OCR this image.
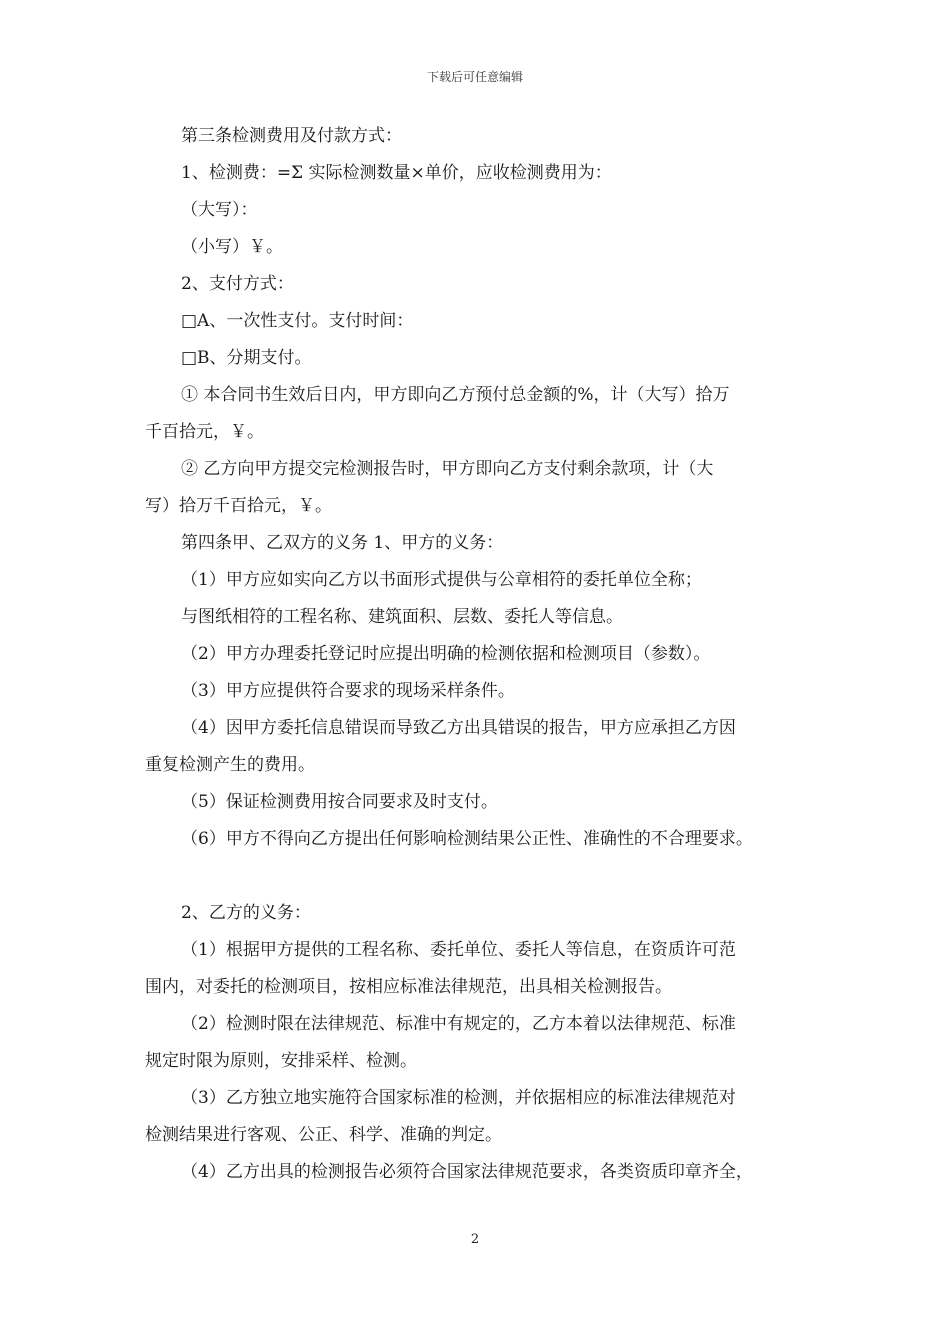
下载后可任意编辑

第三条检测费用及付款方式：

1、检测费：=Σ 实际检测数量×单价，应收检测费用为：

（大写）：

（小写）￥。

2、支付方式：

□A、一次性支付。支付时间：

□B、分期支付。

① 本合同书生效后日内，甲方即向乙方预付总金额的%，计（大写）拾万

千百拾元，￥。

② 乙方向甲方提交完检测报告时，甲方即向乙方支付剩余款项，计（大

写）拾万千百拾元，￥。

第四条甲、乙双方的义务 1、甲方的义务：

（1）甲方应如实向乙方以书面形式提供与公章相符的委托单位全称；

与图纸相符的工程名称、建筑面积、层数、委托人等信息。

（2）甲方办理委托登记时应提出明确的检测依据和检测项目（参数）。

（3）甲方应提供符合要求的现场采样条件。

（4）因甲方委托信息错误而导致乙方出具错误的报告，甲方应承担乙方因

重复检测产生的费用。

（5）保证检测费用按合同要求及时支付。

（6）甲方不得向乙方提出任何影响检测结果公正性、准确性的不合理要求。

2、乙方的义务：

（1）根据甲方提供的工程名称、委托单位、委托人等信息，在资质许可范

围内，对委托的检测项目，按相应标准法律规范，出具相关检测报告。

（2）检测时限在法律规范、标准中有规定的，乙方本着以法律规范、标准

规定时限为原则，安排采样、检测。

（3）乙方独立地实施符合国家标准的检测，并依据相应的标准法律规范对

检测结果进行客观、公正、科学、准确的判定。

（4）乙方出具的检测报告必须符合国家法律规范要求，各类资质印章齐全，

2
